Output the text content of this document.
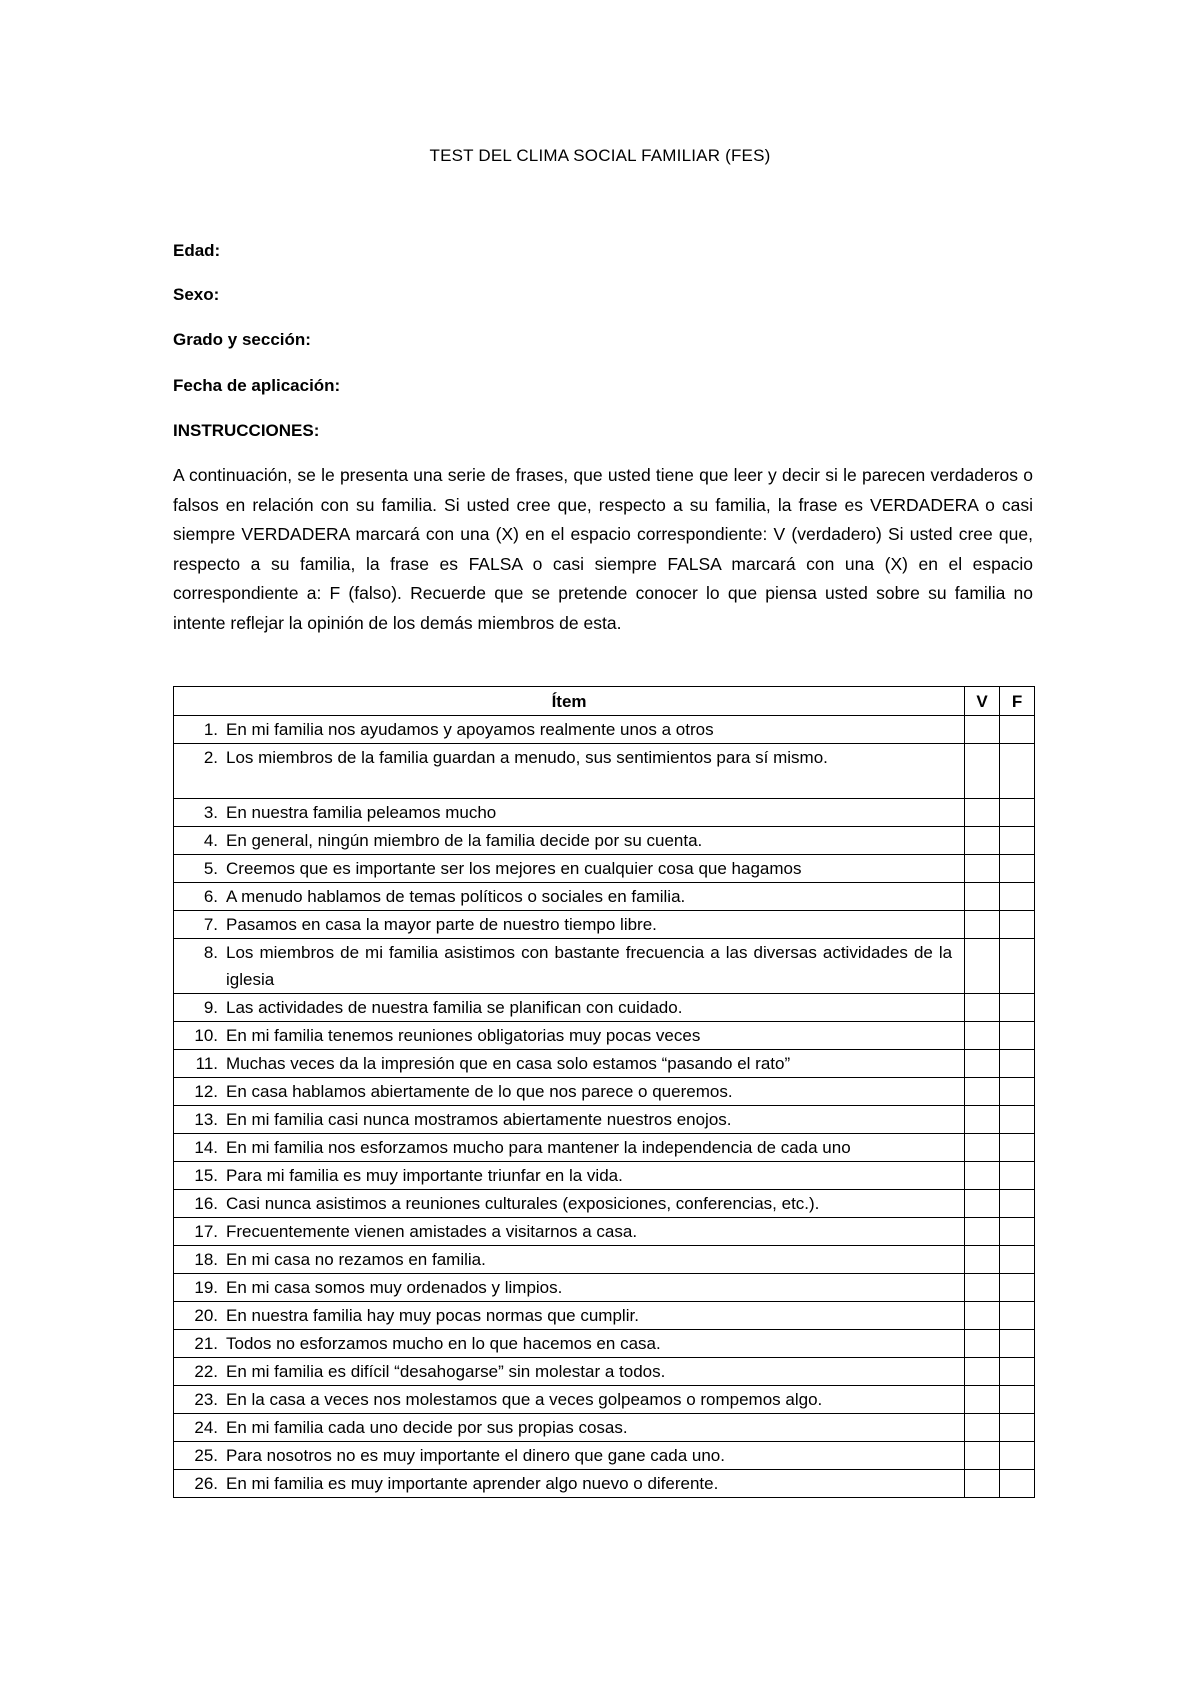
TEST DEL CLIMA SOCIAL FAMILIAR (FES)
Edad:
Sexo:
Grado y sección:
Fecha de aplicación:
INSTRUCCIONES:
A continuación, se le presenta una serie de frases, que usted tiene que leer y decir si le parecen verdaderos o falsos en relación con su familia. Si usted cree que, respecto a su familia, la frase es VERDADERA o casi siempre VERDADERA marcará con una (X) en el espacio correspondiente: V (verdadero) Si usted cree que, respecto a su familia, la frase es FALSA o casi siempre FALSA marcará con una (X) en el espacio correspondiente a: F (falso). Recuerde que se pretende conocer lo que piensa usted sobre su familia no intente reflejar la opinión de los demás miembros de esta.
Ítem	V	F

1. En mi familia nos ayudamos y apoyamos realmente unos a otros		

2. Los miembros de la familia guardan a menudo, sus sentimientos para sí mismo.		

3. En nuestra familia peleamos mucho		

4. En general, ningún miembro de la familia decide por su cuenta.		

5. Creemos que es importante ser los mejores en cualquier cosa que hagamos		

6. A menudo hablamos de temas políticos o sociales en familia.		

7. Pasamos en casa la mayor parte de nuestro tiempo libre.		

8. Los miembros de mi familia asistimos con bastante frecuencia a las diversas actividades de la iglesia		

9. Las actividades de nuestra familia se planifican con cuidado.		

10. En mi familia tenemos reuniones obligatorias muy pocas veces		

11. Muchas veces da la impresión que en casa solo estamos “pasando el rato”		

12. En casa hablamos abiertamente de lo que nos parece o queremos.		

13. En mi familia casi nunca mostramos abiertamente nuestros enojos.		

14. En mi familia nos esforzamos mucho para mantener la independencia de cada uno		

15. Para mi familia es muy importante triunfar en la vida.		

16. Casi nunca asistimos a reuniones culturales (exposiciones, conferencias, etc.).		

17. Frecuentemente vienen amistades a visitarnos a casa.		

18. En mi casa no rezamos en familia.		

19. En mi casa somos muy ordenados y limpios.		

20. En nuestra familia hay muy pocas normas que cumplir.		

21. Todos no esforzamos mucho en lo que hacemos en casa.		

22. En mi familia es difícil “desahogarse” sin molestar a todos.		

23. En la casa a veces nos molestamos que a veces golpeamos o rompemos algo.		

24. En mi familia cada uno decide por sus propias cosas.		

25. Para nosotros no es muy importante el dinero que gane cada uno.		

26. En mi familia es muy importante aprender algo nuevo o diferente.		
